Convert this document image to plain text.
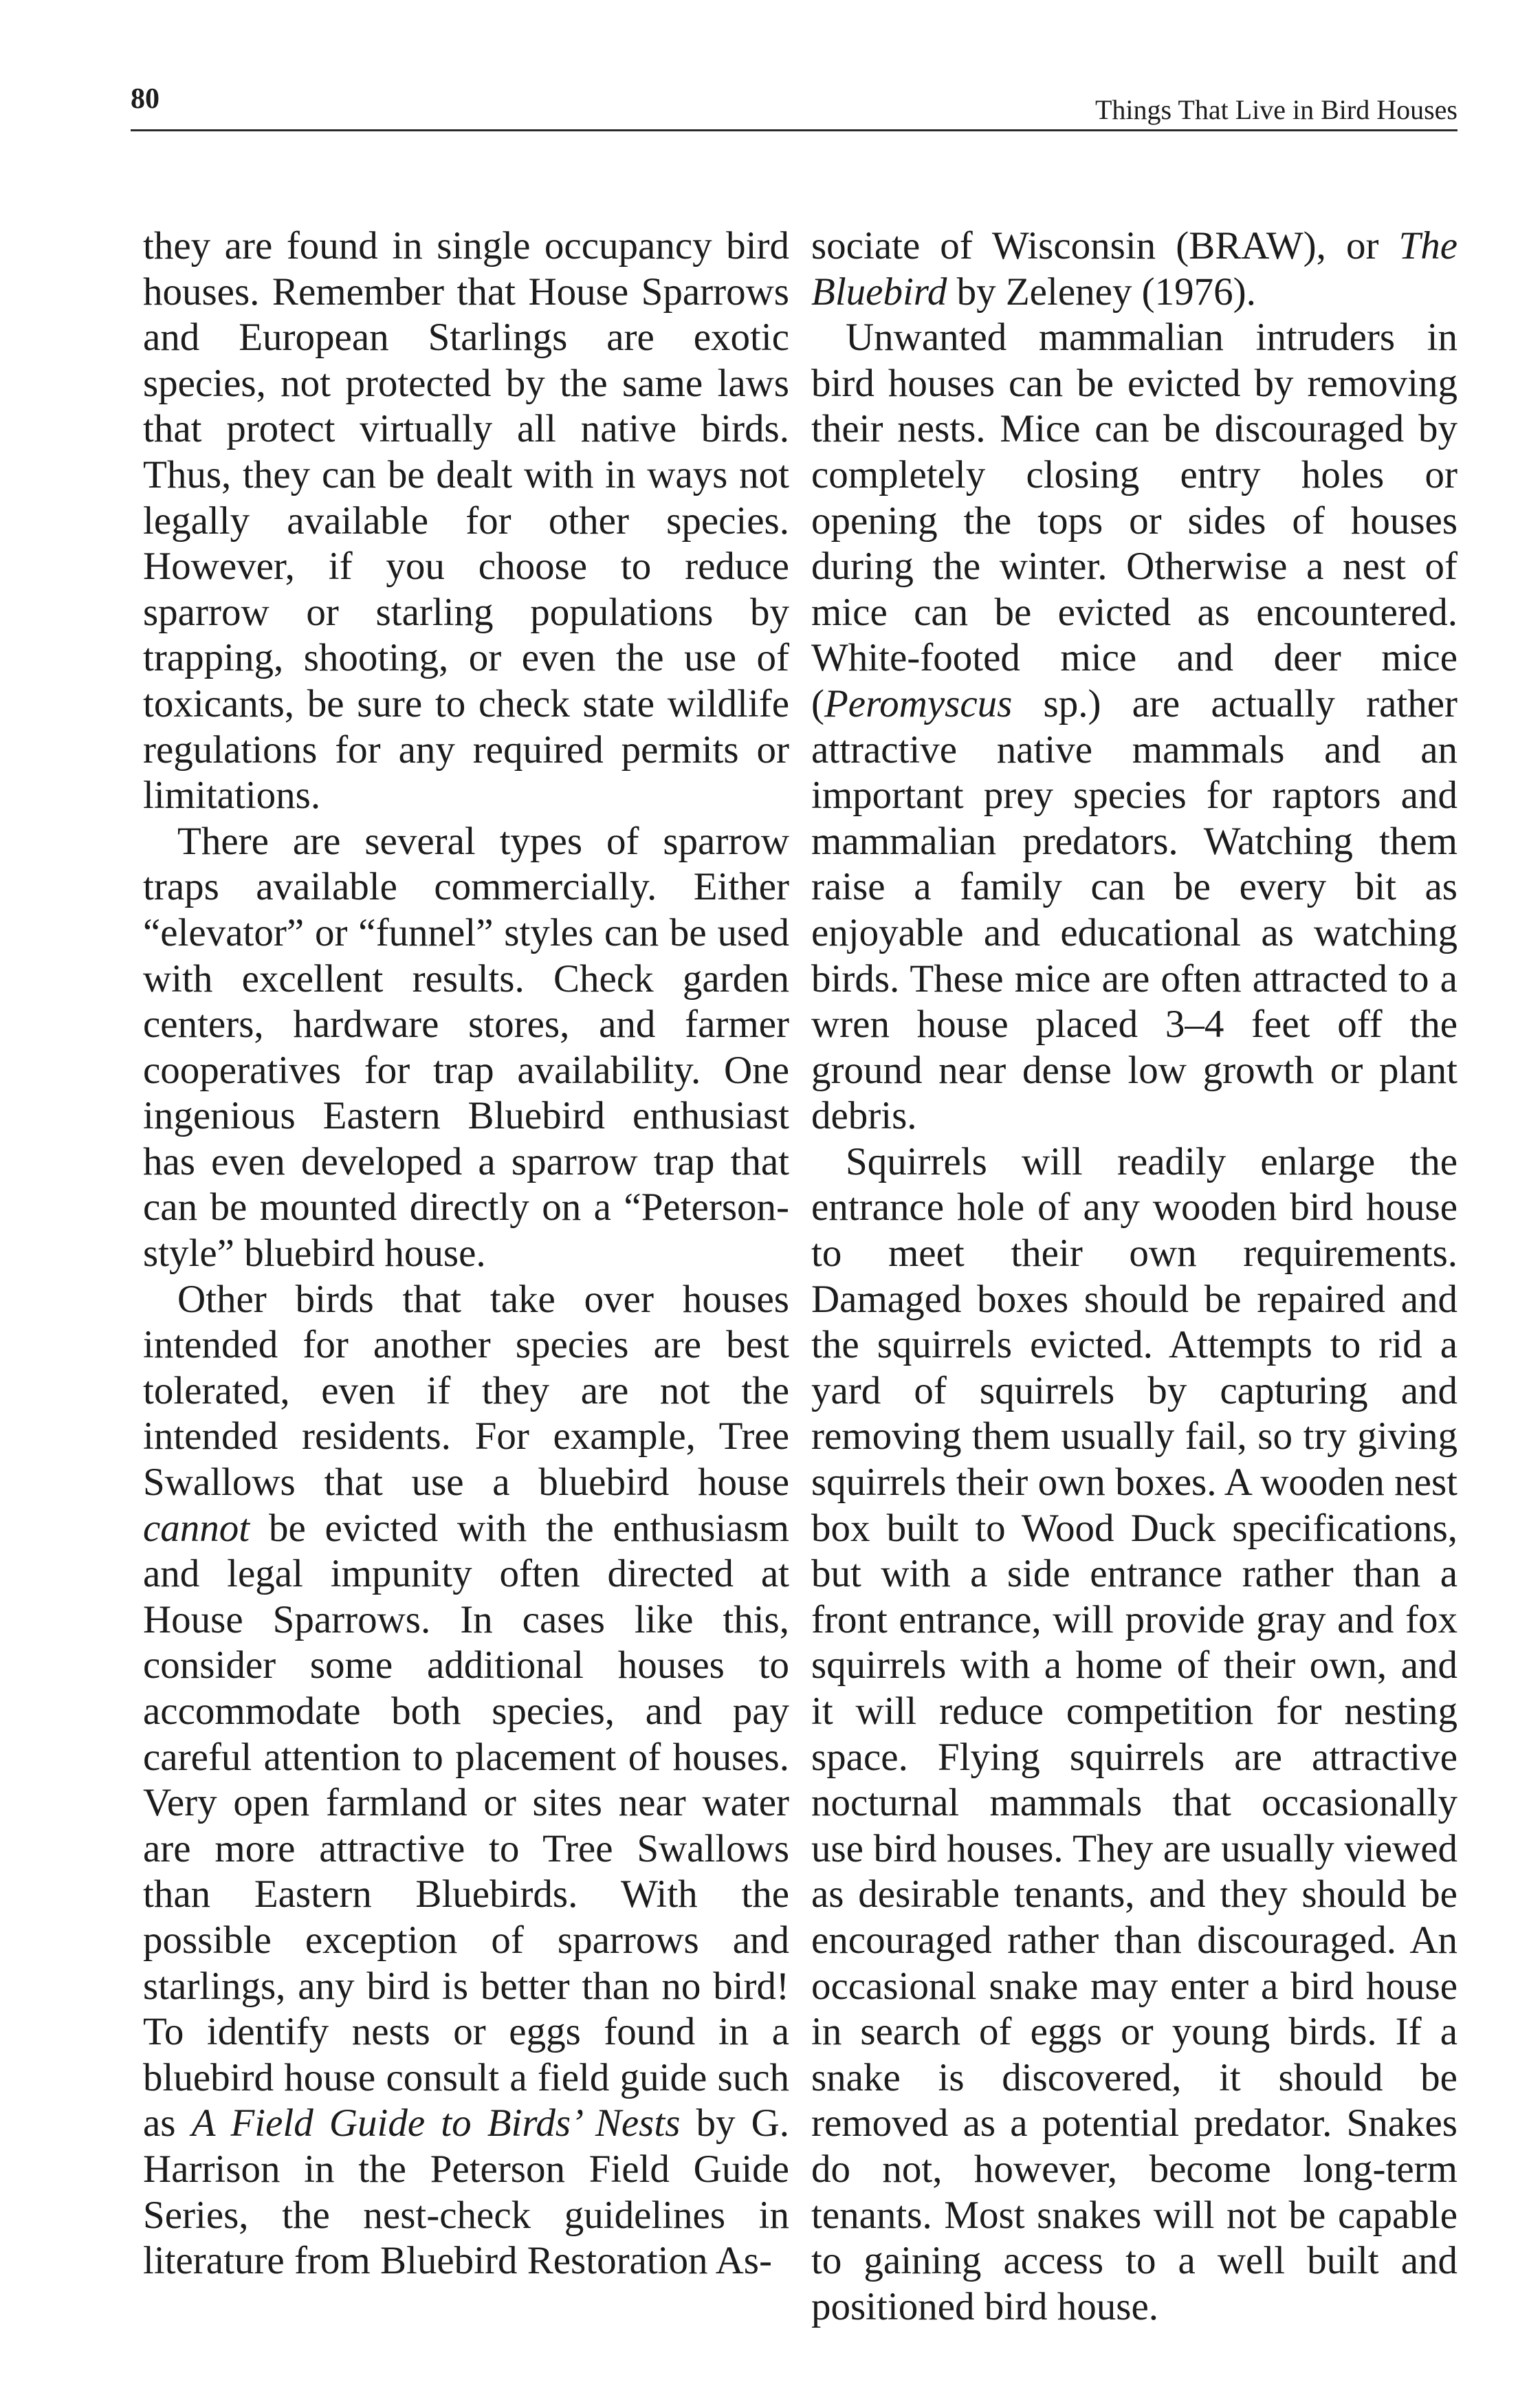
80	Things That Live in Bird Houses

they are found in single occupancy bird houses. Remember that House Sparrows and European Starlings are exotic species, not protected by the same laws that protect virtually all native birds. Thus, they can be dealt with in ways not legally available for other species. However, if you choose to reduce sparrow or starling populations by trapping, shooting, or even the use of toxicants, be sure to check state wildlife regulations for any required permits or limitations.

There are several types of sparrow traps available commercially. Either “elevator” or “funnel” styles can be used with excellent results. Check garden centers, hardware stores, and farmer cooperatives for trap availability. One ingenious Eastern Bluebird enthusiast has even developed a sparrow trap that can be mounted directly on a “Peterson-style” bluebird house.

Other birds that take over houses intended for another species are best tolerated, even if they are not the intended residents. For example, Tree Swallows that use a bluebird house cannot be evicted with the enthusiasm and legal impunity often directed at House Sparrows. In cases like this, consider some additional houses to accommodate both species, and pay careful attention to placement of houses. Very open farmland or sites near water are more attractive to Tree Swallows than Eastern Bluebirds. With the possible exception of sparrows and starlings, any bird is better than no bird! To identify nests or eggs found in a bluebird house consult a field guide such as A Field Guide to Birds’ Nests by G. Harrison in the Peterson Field Guide Series, the nest-check guidelines in literature from Bluebird Restoration As-

sociate of Wisconsin (BRAW), or The Bluebird by Zeleney (1976).

Unwanted mammalian intruders in bird houses can be evicted by removing their nests. Mice can be discouraged by completely closing entry holes or opening the tops or sides of houses during the winter. Otherwise a nest of mice can be evicted as encountered. White-footed mice and deer mice (Peromyscus sp.) are actually rather attractive native mammals and an important prey species for raptors and mammalian predators. Watching them raise a family can be every bit as enjoyable and educational as watching birds. These mice are often attracted to a wren house placed 3–4 feet off the ground near dense low growth or plant debris.

Squirrels will readily enlarge the entrance hole of any wooden bird house to meet their own requirements. Damaged boxes should be repaired and the squirrels evicted. Attempts to rid a yard of squirrels by capturing and removing them usually fail, so try giving squirrels their own boxes. A wooden nest box built to Wood Duck specifications, but with a side entrance rather than a front entrance, will provide gray and fox squirrels with a home of their own, and it will reduce competition for nesting space. Flying squirrels are attractive nocturnal mammals that occasionally use bird houses. They are usually viewed as desirable tenants, and they should be encouraged rather than discouraged. An occasional snake may enter a bird house in search of eggs or young birds. If a snake is discovered, it should be removed as a potential predator. Snakes do not, however, become long-term tenants. Most snakes will not be capable to gaining access to a well built and positioned bird house.
